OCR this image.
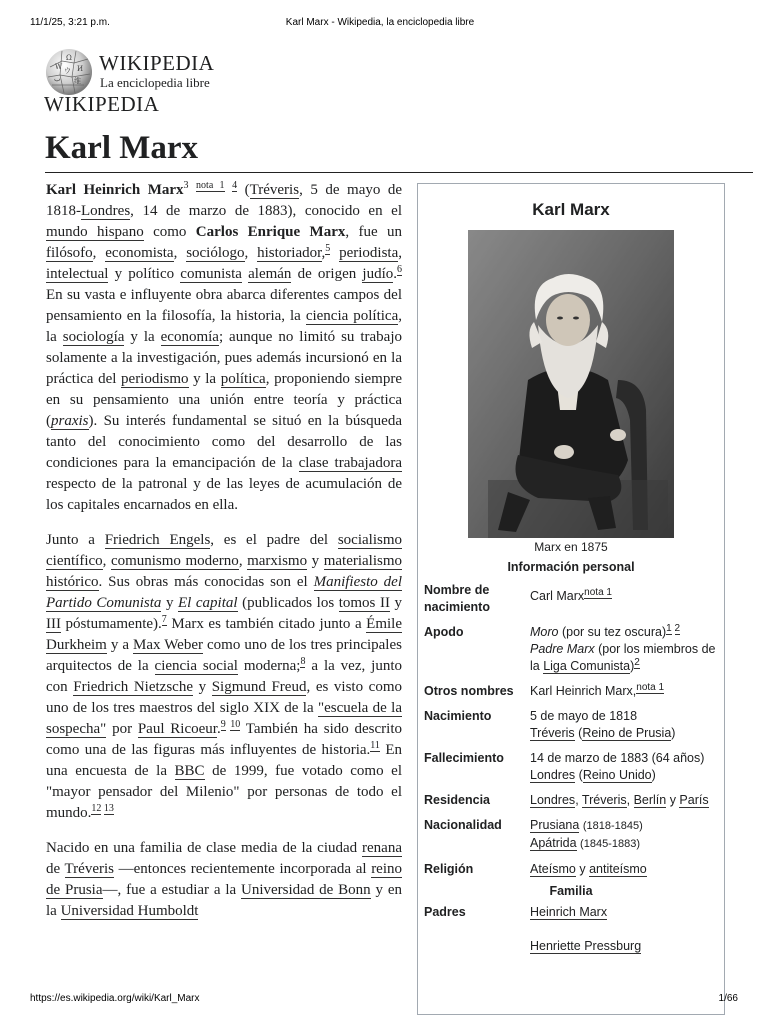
11/1/25, 3:21 p.m.	Karl Marx - Wikipedia, la enciclopedia libre
W
Ω
И
ウ
ب 维
WIKIPEDIA
La enciclopedia libre
WIKIPEDIA
Karl Marx

Karl Heinrich Marx$^3$ $^{nota 1}$ $^4$ (Tréveris, 5 de mayo de 1818-Londres, 14 de marzo de 1883), conocido en el mundo hispano como Carlos Enrique Marx, fue un filósofo, economista, sociólogo, historiador,$^5$ periodista, intelectual y político comunista alemán de origen judío.$^6$ En su vasta e influyente obra abarca diferentes campos del pensamiento en la filosofía, la historia, la ciencia política, la sociología y la economía; aunque no limitó su trabajo solamente a la investigación, pues además incursionó en la práctica del periodismo y la política, proponiendo siempre en su pensamiento una unión entre teoría y práctica (praxis). Su interés fundamental se situó en la búsqueda tanto del conocimiento como del desarrollo de las condiciones para la emancipación de la clase trabajadora respecto de la patronal y de las leyes de acumulación de los capitales encarnados en ella.

Junto a Friedrich Engels, es el padre del socialismo científico, comunismo moderno, marxismo y materialismo histórico. Sus obras más conocidas son el Manifiesto del Partido Comunista y El capital (publicados los tomos II y III póstumamente).$^7$ Marx es también citado junto a Émile Durkheim y a Max Weber como uno de los tres principales arquitectos de la ciencia social moderna;$^8$ a la vez, junto con Friedrich Nietzsche y Sigmund Freud, es visto como uno de los tres maestros del siglo XIX de la "escuela de la sospecha" por Paul Ricoeur.$^{9 10}$ También ha sido descrito como una de las figuras más influyentes de historia.$^{11}$ En una encuesta de la BBC de 1999, fue votado como el "mayor pensador del Milenio" por personas de todo el mundo.$^{12 13}$

Nacido en una familia de clase media de la ciudad renana de Tréveris —entonces recientemente incorporada al reino de Prusia—, fue a estudiar a la Universidad de Bonn y en la Universidad Humboldt

Karl Marx
Marx en 1875
Información personal
Nombre de nacimiento	Carl Marx$^{nota 1}$
Apodo	Moro (por su tez oscura)$^{1 2}$
Padre Marx (por los miembros de la Liga Comunista)$^2$
Otros nombres	Karl Heinrich Marx,$^{nota 1}$
Nacimiento	5 de mayo de 1818
Tréveris (Reino de Prusia)
Fallecimiento	14 de marzo de 1883 (64 años)
Londres (Reino Unido)
Residencia	Londres, Tréveris, Berlín y París
Nacionalidad	Prusiana (1818-1845)
Apátrida (1845-1883)
Religión	Ateísmo y antiteísmo
Familia
Padres	Heinrich Marx

Henriette Pressburg
https://es.wikipedia.org/wiki/Karl_Marx	1/66
